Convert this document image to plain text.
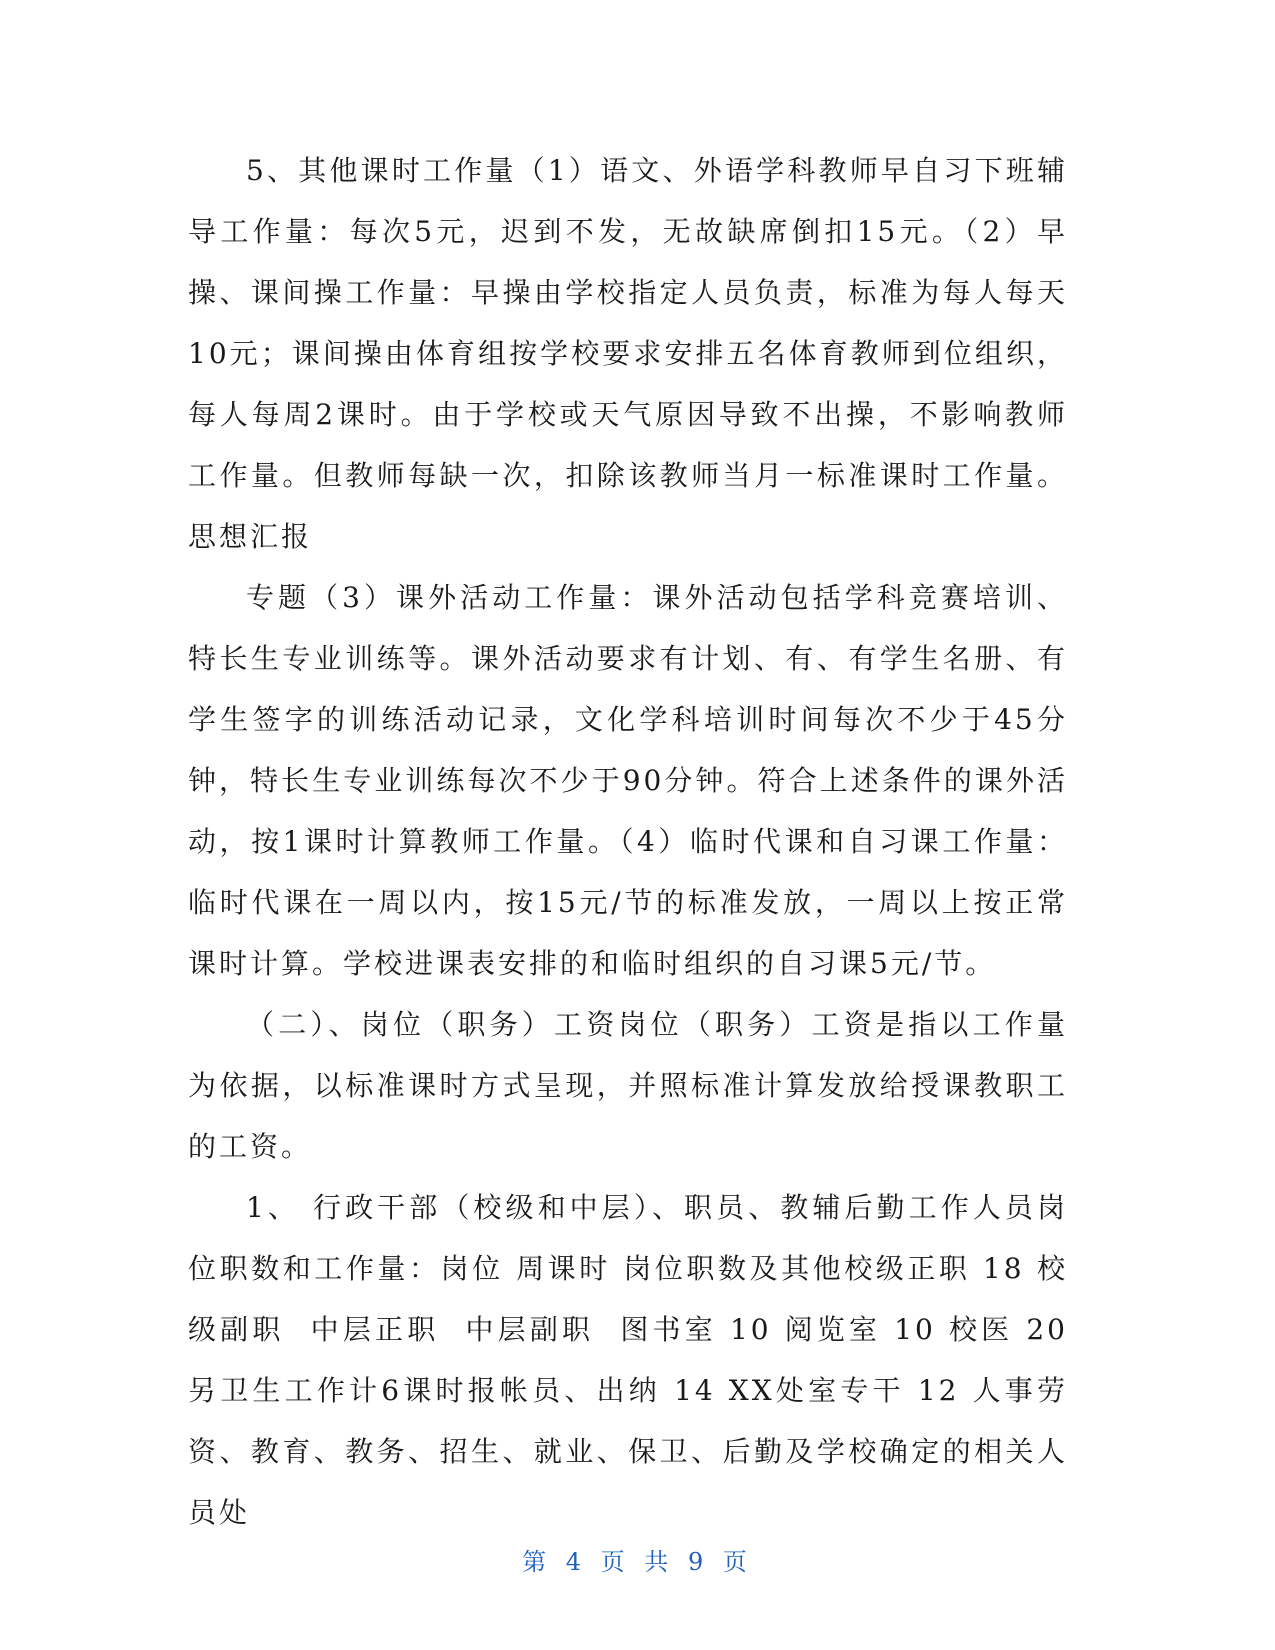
5、其他课时工作量（1）语文、外语学科教师早自习下班辅导工作量：每次5元，迟到不发，无故缺席倒扣15元。（2）早操、课间操工作量：早操由学校指定人员负责，标准为每人每天10元；课间操由体育组按学校要求安排五名体育教师到位组织，每人每周2课时。由于学校或天气原因导致不出操，不影响教师工作量。但教师每缺一次，扣除该教师当月一标准课时工作量。思想汇报

专题（3）课外活动工作量：课外活动包括学科竞赛培训、特长生专业训练等。课外活动要求有计划、有、有学生名册、有学生签字的训练活动记录，文化学科培训时间每次不少于45分钟，特长生专业训练每次不少于90分钟。符合上述条件的课外活动，按1课时计算教师工作量。（4）临时代课和自习课工作量：临时代课在一周以内，按15元/节的标准发放，一周以上按正常课时计算。学校进课表安排的和临时组织的自习课5元/节。

（二）、岗位（职务）工资岗位（职务）工资是指以工作量为依据，以标准课时方式呈现，并照标准计算发放给授课教职工的工资。

1、 行政干部（校级和中层）、职员、教辅后勤工作人员岗位职数和工作量：岗位 周课时 岗位职数及其他校级正职 18 校级副职  中层正职  中层副职  图书室 10 阅览室 10 校医 20 另卫生工作计6课时报帐员、出纳 14 XX处室专干 12 人事劳资、教育、教务、招生、就业、保卫、后勤及学校确定的相关人员处

第 4 页 共 9 页
